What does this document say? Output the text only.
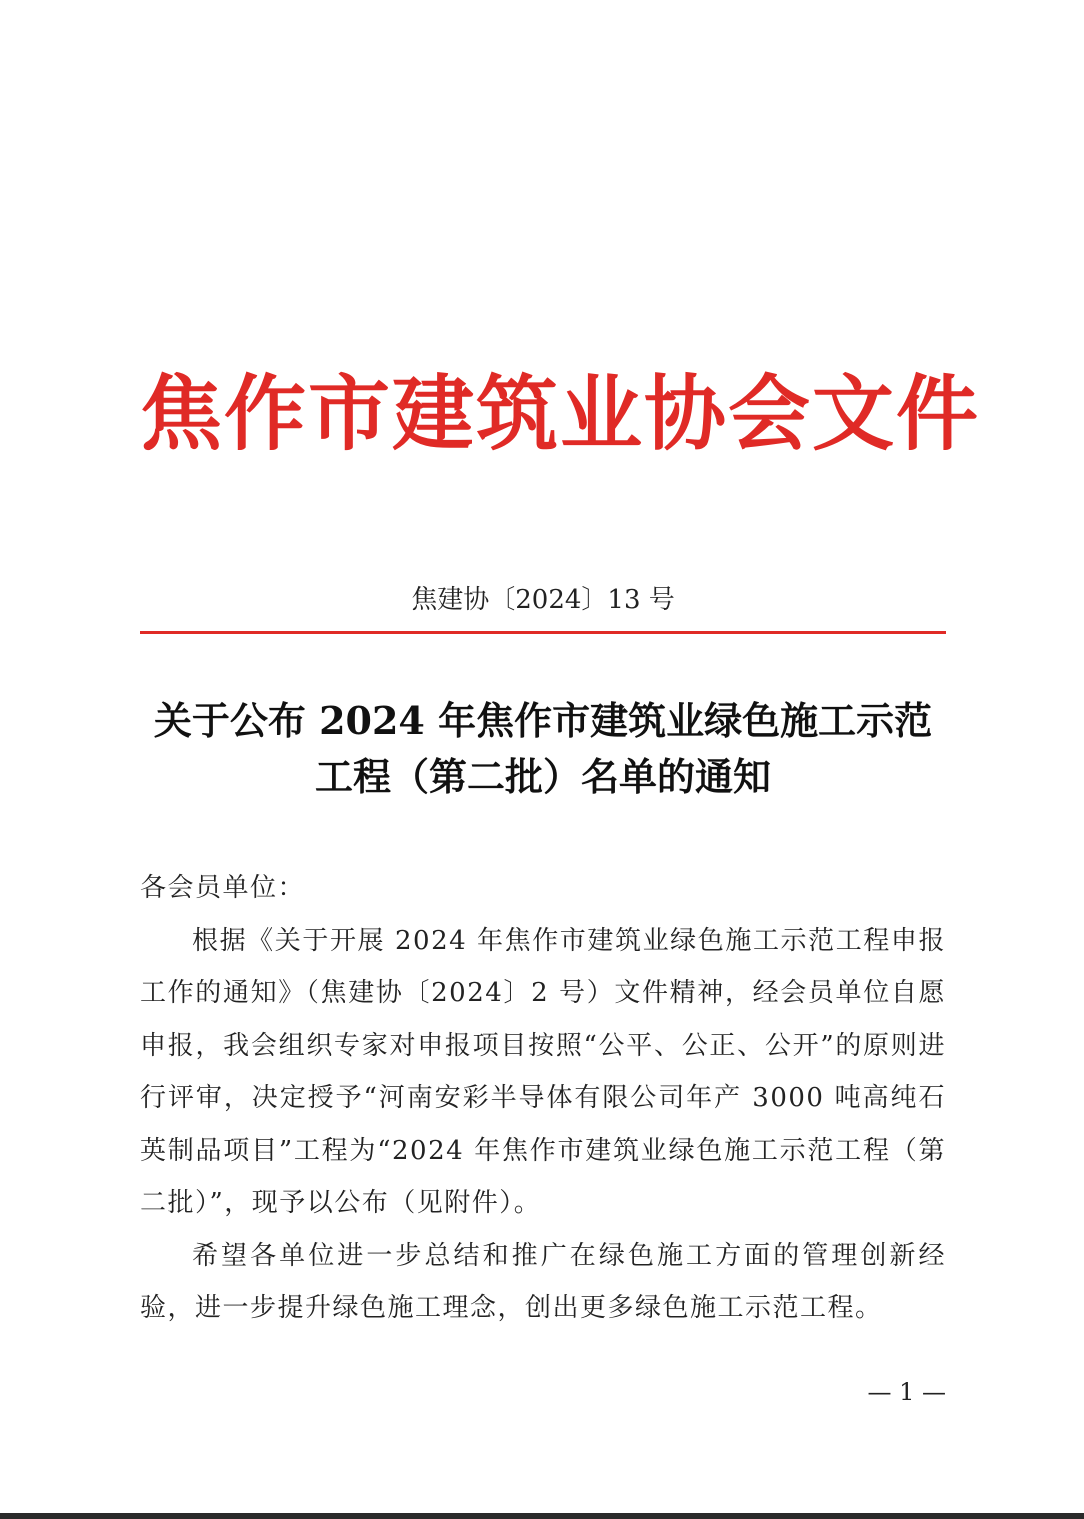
焦作市建筑业协会文件
焦建协〔2024〕13 号
关于公布 2024 年焦作市建筑业绿色施工示范
工程（第二批）名单的通知

各会员单位：

根据《关于开展 2024 年焦作市建筑业绿色施工示范工程申报工作的通知》（焦建协〔2024〕2 号）文件精神，经会员单位自愿申报，我会组织专家对申报项目按照“公平、公正、公开”的原则进行评审，决定授予“河南安彩半导体有限公司年产 3000 吨高纯石英制品项目”工程为“2024 年焦作市建筑业绿色施工示范工程（第二批）”，现予以公布（见附件）。

希望各单位进一步总结和推广在绿色施工方面的管理创新经验，进一步提升绿色施工理念，创出更多绿色施工示范工程。

— 1 —
